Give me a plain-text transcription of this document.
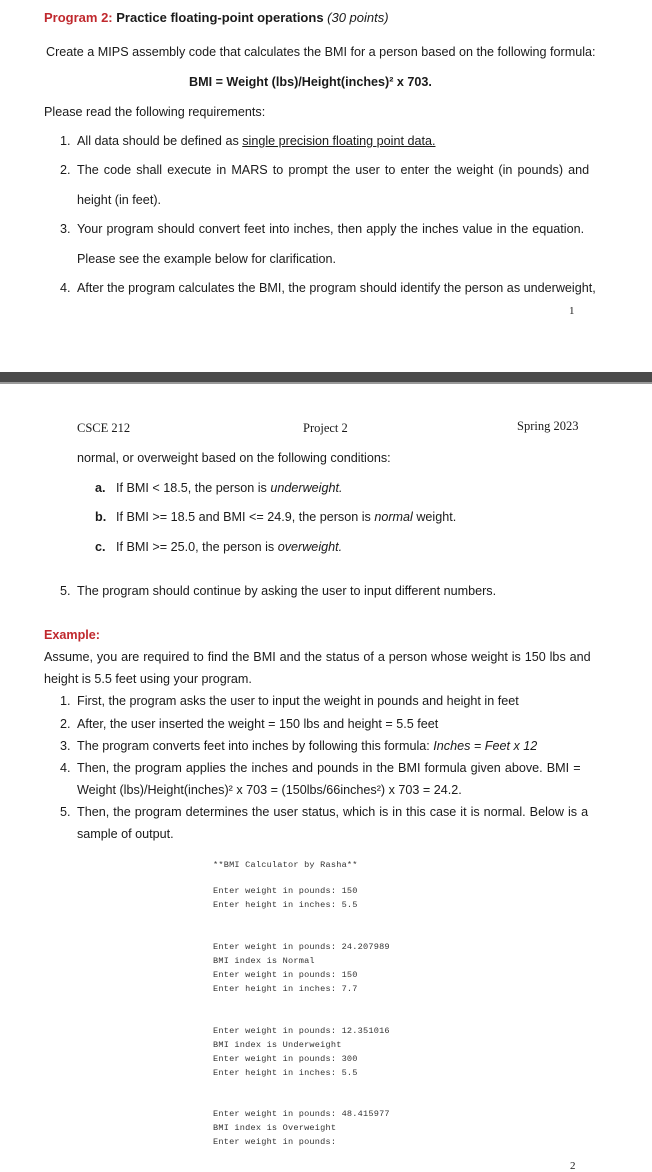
Program 2: Practice floating-point operations (30 points)
Create a MIPS assembly code that calculates the BMI for a person based on the following formula:
BMI = Weight (lbs)/Height(inches)² x 703.
Please read the following requirements:
1. All data should be defined as single precision floating point data.
2. The code shall execute in MARS to prompt the user to enter the weight (in pounds) and
height (in feet).
3. Your program should convert feet into inches, then apply the inches value in the equation.
Please see the example below for clarification.
4. After the program calculates the BMI, the program should identify the person as underweight,
1
CSCE 212	Project 2	Spring 2023
normal, or overweight based on the following conditions:
a. If BMI < 18.5, the person is underweight.
b. If BMI >= 18.5 and BMI <= 24.9, the person is normal weight.
c. If BMI >= 25.0, the person is overweight.
5. The program should continue by asking the user to input different numbers.
Example:
Assume, you are required to find the BMI and the status of a person whose weight is 150 lbs and
height is 5.5 feet using your program.
1. First, the program asks the user to input the weight in pounds and height in feet
2. After, the user inserted the weight = 150 lbs and height = 5.5 feet
3. The program converts feet into inches by following this formula: Inches = Feet x 12
4. Then, the program applies the inches and pounds in the BMI formula given above. BMI =
Weight (lbs)/Height(inches)² x 703 = (150lbs/66inches²) x 703 = 24.2.
5. Then, the program determines the user status, which is in this case it is normal. Below is a
sample of output.
**BMI Calculator by Rasha**
Enter weight in pounds: 150
Enter height in inches: 5.5
Enter weight in pounds: 24.207989
BMI index is Normal
Enter weight in pounds: 150
Enter height in inches: 7.7
Enter weight in pounds: 12.351016
BMI index is Underweight
Enter weight in pounds: 300
Enter height in inches: 5.5
Enter weight in pounds: 48.415977
BMI index is Overweight
Enter weight in pounds:
2
